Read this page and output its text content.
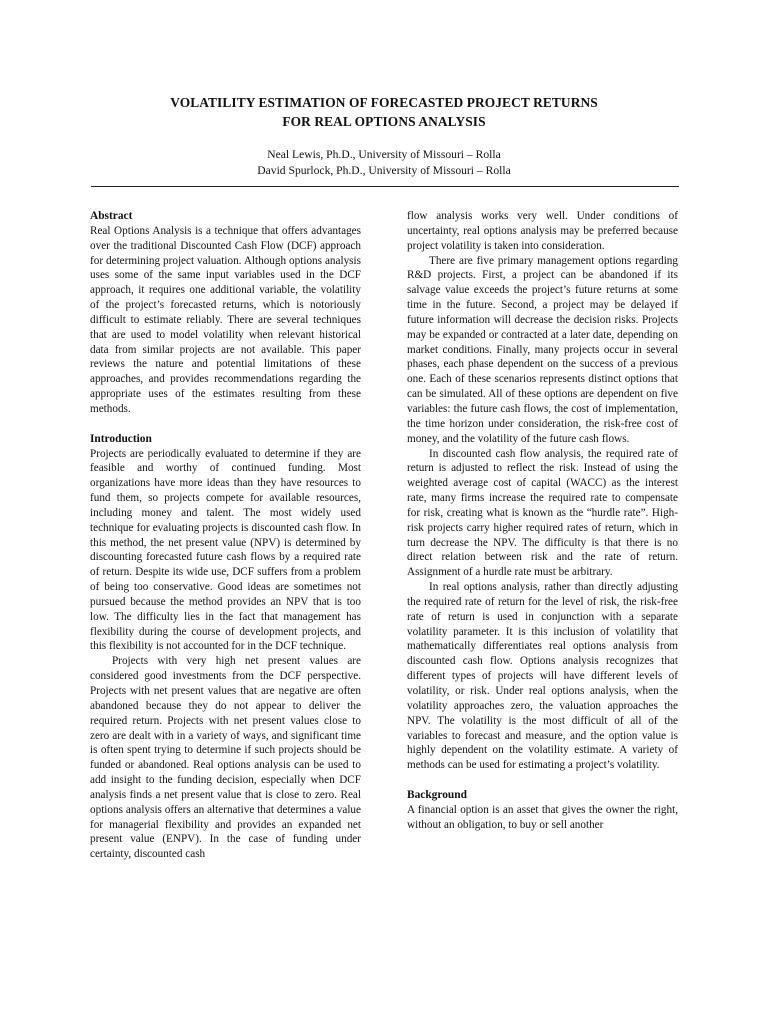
VOLATILITY ESTIMATION OF FORECASTED PROJECT RETURNS
FOR REAL OPTIONS ANALYSIS
Neal Lewis, Ph.D., University of Missouri – Rolla
David Spurlock, Ph.D., University of Missouri – Rolla
Abstract

Real Options Analysis is a technique that offers advantages over the traditional Discounted Cash Flow (DCF) approach for determining project valuation. Although options analysis uses some of the same input variables used in the DCF approach, it requires one additional variable, the volatility of the project’s forecasted returns, which is notoriously difficult to estimate reliably. There are several techniques that are used to model volatility when relevant historical data from similar projects are not available. This paper reviews the nature and potential limitations of these approaches, and provides recommendations regarding the appropriate uses of the estimates resulting from these methods.

Introduction

Projects are periodically evaluated to determine if they are feasible and worthy of continued funding. Most organizations have more ideas than they have resources to fund them, so projects compete for available resources, including money and talent. The most widely used technique for evaluating projects is discounted cash flow. In this method, the net present value (NPV) is determined by discounting forecasted future cash flows by a required rate of return. Despite its wide use, DCF suffers from a problem of being too conservative. Good ideas are sometimes not pursued because the method provides an NPV that is too low. The difficulty lies in the fact that management has flexibility during the course of development projects, and this flexibility is not accounted for in the DCF technique.

Projects with very high net present values are considered good investments from the DCF perspective. Projects with net present values that are negative are often abandoned because they do not appear to deliver the required return. Projects with net present values close to zero are dealt with in a variety of ways, and significant time is often spent trying to determine if such projects should be funded or abandoned. Real options analysis can be used to add insight to the funding decision, especially when DCF analysis finds a net present value that is close to zero. Real options analysis offers an alternative that determines a value for managerial flexibility and provides an expanded net present value (ENPV). In the case of funding under certainty, discounted cash

flow analysis works very well. Under conditions of uncertainty, real options analysis may be preferred because project volatility is taken into consideration.

There are five primary management options regarding R&D projects. First, a project can be abandoned if its salvage value exceeds the project’s future returns at some time in the future. Second, a project may be delayed if future information will decrease the decision risks. Projects may be expanded or contracted at a later date, depending on market conditions. Finally, many projects occur in several phases, each phase dependent on the success of a previous one. Each of these scenarios represents distinct options that can be simulated. All of these options are dependent on five variables: the future cash flows, the cost of implementation, the time horizon under consideration, the risk-free cost of money, and the volatility of the future cash flows.

In discounted cash flow analysis, the required rate of return is adjusted to reflect the risk. Instead of using the weighted average cost of capital (WACC) as the interest rate, many firms increase the required rate to compensate for risk, creating what is known as the “hurdle rate”. High-risk projects carry higher required rates of return, which in turn decrease the NPV. The difficulty is that there is no direct relation between risk and the rate of return. Assignment of a hurdle rate must be arbitrary.

In real options analysis, rather than directly adjusting the required rate of return for the level of risk, the risk-free rate of return is used in conjunction with a separate volatility parameter. It is this inclusion of volatility that mathematically differentiates real options analysis from discounted cash flow. Options analysis recognizes that different types of projects will have different levels of volatility, or risk. Under real options analysis, when the volatility approaches zero, the valuation approaches the NPV. The volatility is the most difficult of all of the variables to forecast and measure, and the option value is highly dependent on the volatility estimate. A variety of methods can be used for estimating a project’s volatility.

Background

A financial option is an asset that gives the owner the right, without an obligation, to buy or sell another
